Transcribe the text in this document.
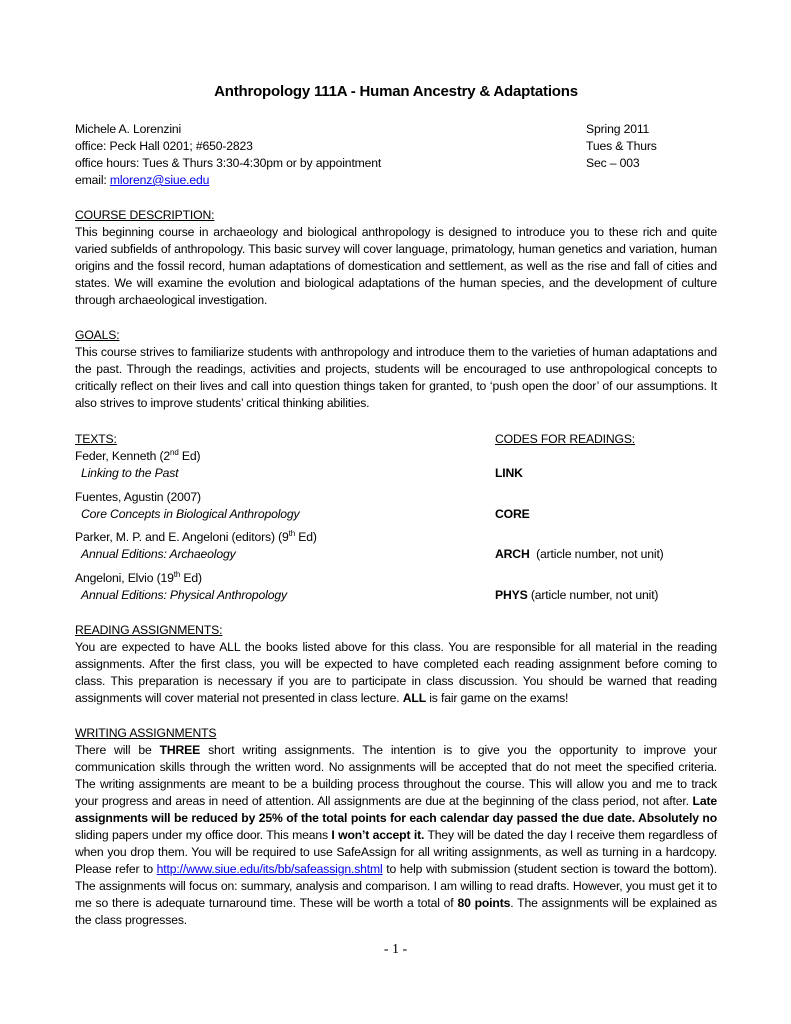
Anthropology 111A - Human Ancestry & Adaptations
Michele A. Lorenzini
office: Peck Hall 0201; #650-2823
office hours: Tues & Thurs 3:30-4:30pm or by appointment
email: mlorenz@siue.edu
Spring 2011
Tues & Thurs
Sec – 003
COURSE DESCRIPTION:
This beginning course in archaeology and biological anthropology is designed to introduce you to these rich and quite varied subfields of anthropology. This basic survey will cover language, primatology, human genetics and variation, human origins and the fossil record, human adaptations of domestication and settlement, as well as the rise and fall of cities and states. We will examine the evolution and biological adaptations of the human species, and the development of culture through archaeological investigation.
GOALS:
This course strives to familiarize students with anthropology and introduce them to the varieties of human adaptations and the past. Through the readings, activities and projects, students will be encouraged to use anthropological concepts to critically reflect on their lives and call into question things taken for granted, to ‘push open the door’ of our assumptions. It also strives to improve students’ critical thinking abilities.
TEXTS:	CODES FOR READINGS:
Feder, Kenneth (2nd Ed)
Linking to the Past	LINK
Fuentes, Agustin (2007)
Core Concepts in Biological Anthropology	CORE
Parker, M. P. and E. Angeloni (editors) (9th Ed)
Annual Editions: Archaeology	ARCH  (article number, not unit)
Angeloni, Elvio (19th Ed)
Annual Editions: Physical Anthropology	PHYS (article number, not unit)
READING ASSIGNMENTS:
You are expected to have ALL the books listed above for this class. You are responsible for all material in the reading assignments. After the first class, you will be expected to have completed each reading assignment before coming to class. This preparation is necessary if you are to participate in class discussion. You should be warned that reading assignments will cover material not presented in class lecture. ALL is fair game on the exams!
WRITING ASSIGNMENTS
There will be THREE short writing assignments. The intention is to give you the opportunity to improve your communication skills through the written word. No assignments will be accepted that do not meet the specified criteria. The writing assignments are meant to be a building process throughout the course. This will allow you and me to track your progress and areas in need of attention. All assignments are due at the beginning of the class period, not after. Late assignments will be reduced by 25% of the total points for each calendar day passed the due date. Absolutely no sliding papers under my office door. This means I won’t accept it. They will be dated the day I receive them regardless of when you drop them. You will be required to use SafeAssign for all writing assignments, as well as turning in a hardcopy. Please refer to http://www.siue.edu/its/bb/safeassign.shtml to help with submission (student section is toward the bottom). The assignments will focus on: summary, analysis and comparison. I am willing to read drafts. However, you must get it to me so there is adequate turnaround time. These will be worth a total of 80 points. The assignments will be explained as the class progresses.
- 1 -
